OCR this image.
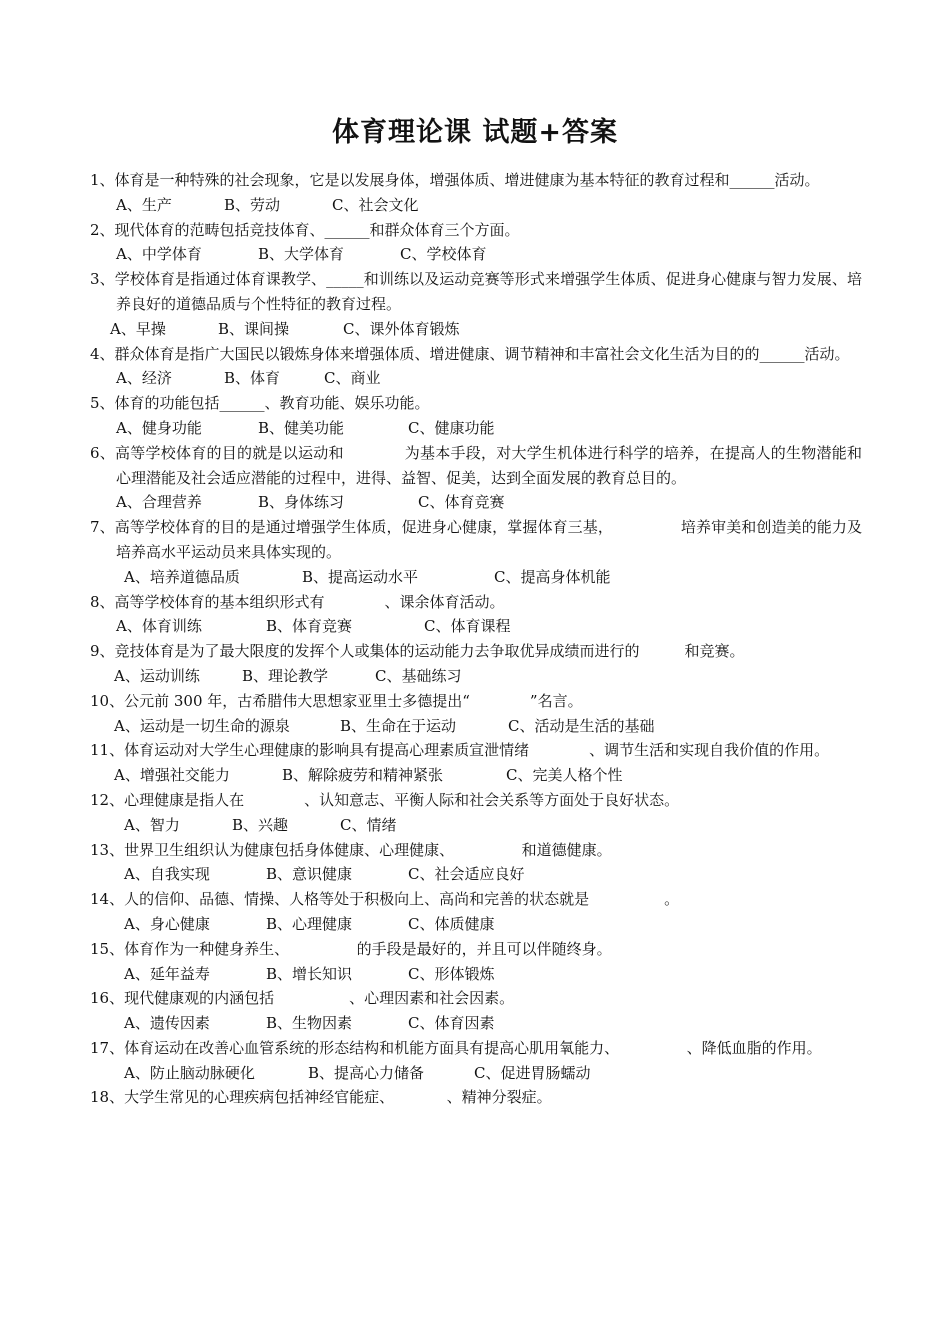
体育理论课 试题+答案
1、体育是一种特殊的社会现象，它是以发展身体，增强体质、增进健康为基本特征的教育过程和______活动。
A、生产	B、劳动	C、社会文化
2、现代体育的范畴包括竞技体育、______和群众体育三个方面。
A、中学体育	B、大学体育	C、学校体育
3、学校体育是指通过体育课教学、_____和训练以及运动竞赛等形式来增强学生体质、促进身心健康与智力发展、培养良好的道德品质与个性特征的教育过程。
A、早操	B、课间操	C、课外体育锻炼
4、群众体育是指广大国民以锻炼身体来增强体质、增进健康、调节精神和丰富社会文化生活为目的的______活动。
A、经济	B、体育	C、商业
5、体育的功能包括______、教育功能、娱乐功能。
A、健身功能	B、健美功能	C、健康功能
6、高等学校体育的目的就是以运动和　　　　为基本手段，对大学生机体进行科学的培养，在提高人的生物潜能和心理潜能及社会适应潜能的过程中，进得、益智、促美，达到全面发展的教育总目的。
A、合理营养	B、身体练习	C、体育竞赛
7、高等学校体育的目的是通过增强学生体质，促进身心健康，掌握体育三基，　　　　　培养审美和创造美的能力及培养高水平运动员来具体实现的。
A、培养道德品质	B、提高运动水平	C、提高身体机能
8、高等学校体育的基本组织形式有　　　　、课余体育活动。
A、体育训练	B、体育竞赛	C、体育课程
9、竞技体育是为了最大限度的发挥个人或集体的运动能力去争取优异成绩而进行的　　　和竞赛。
A、运动训练	B、理论教学	C、基础练习
10、公元前 300 年，古希腊伟大思想家亚里士多德提出“　　　　”名言。
A、运动是一切生命的源泉	B、生命在于运动	C、活动是生活的基础
11、体育运动对大学生心理健康的影响具有提高心理素质宣泄情绪　　　　、调节生活和实现自我价值的作用。
A、增强社交能力	B、解除疲劳和精神紧张	C、完美人格个性
12、心理健康是指人在　　　　、认知意志、平衡人际和社会关系等方面处于良好状态。
A、智力	B、兴趣	C、情绪
13、世界卫生组织认为健康包括身体健康、心理健康、　　　　　和道德健康。
A、自我实现	B、意识健康	C、社会适应良好
14、人的信仰、品德、情操、人格等处于积极向上、高尚和完善的状态就是　　　　　。
A、身心健康	B、心理健康	C、体质健康
15、体育作为一种健身养生、　　　　　的手段是最好的，并且可以伴随终身。
A、延年益寿	B、增长知识	C、形体锻炼
16、现代健康观的内涵包括　　　　　、心理因素和社会因素。
A、遗传因素	B、生物因素	C、体育因素
17、体育运动在改善心血管系统的形态结构和机能方面具有提高心肌用氧能力、　　　　　、降低血脂的作用。
A、防止脑动脉硬化	B、提高心力储备	C、促进胃肠蠕动
18、大学生常见的心理疾病包括神经官能症、　　　　、精神分裂症。
